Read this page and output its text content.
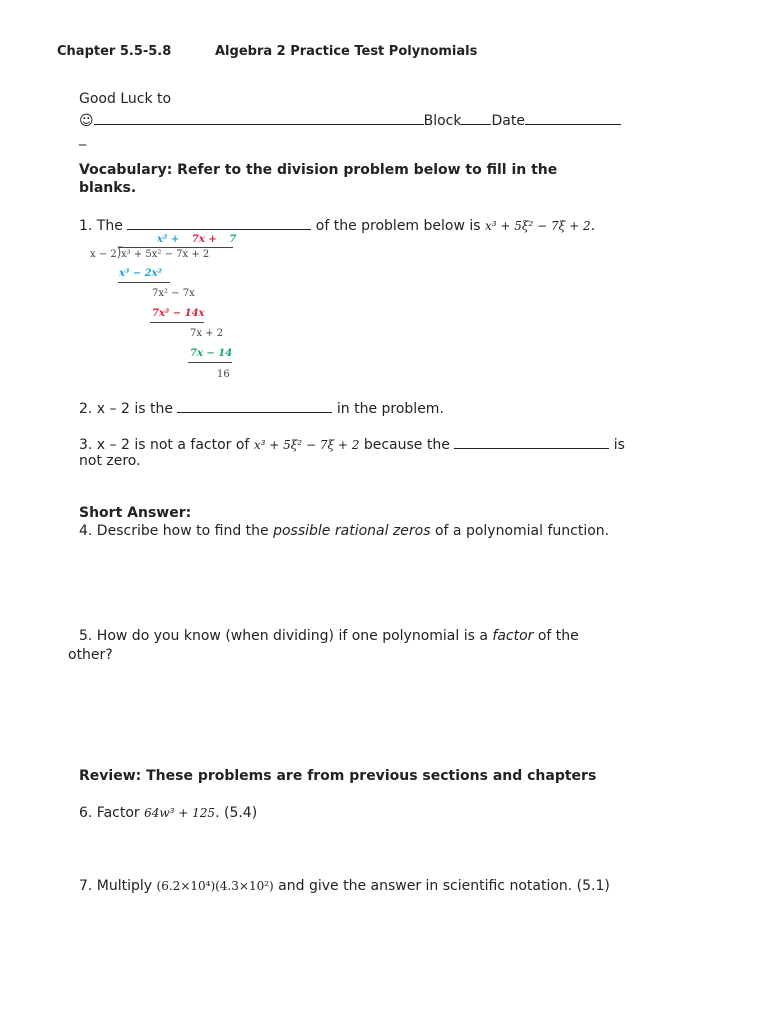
Chapter 5.5-5.8	Algebra 2 Practice Test Polynomials
Good Luck to
☺	Block Date
_
Vocabulary: Refer to the division problem below to fill in the
blanks.
1. The	of the problem below is x³ + 5ξ² − 7ξ + 2.
x² + 7x + 7
x − 2 ⟌
x³ + 5x² − 7x + 2
x³ − 2x²
7x² − 7x
7x² − 14x
7x + 2
7x − 14
16
2. x – 2 is the	in the problem.
3. x – 2 is not a factor of x³ + 5ξ² − 7ξ + 2 because the	is
not zero.
Short Answer:
4. Describe how to find the possible rational zeros of a polynomial function.
5. How do you know (when dividing) if one polynomial is a factor of the
other?
Review: These problems are from previous sections and chapters
6. Factor 64w³ + 125. (5.4)
7. Multiply (6.2×10⁴)(4.3×10²) and give the answer in scientific notation. (5.1)
